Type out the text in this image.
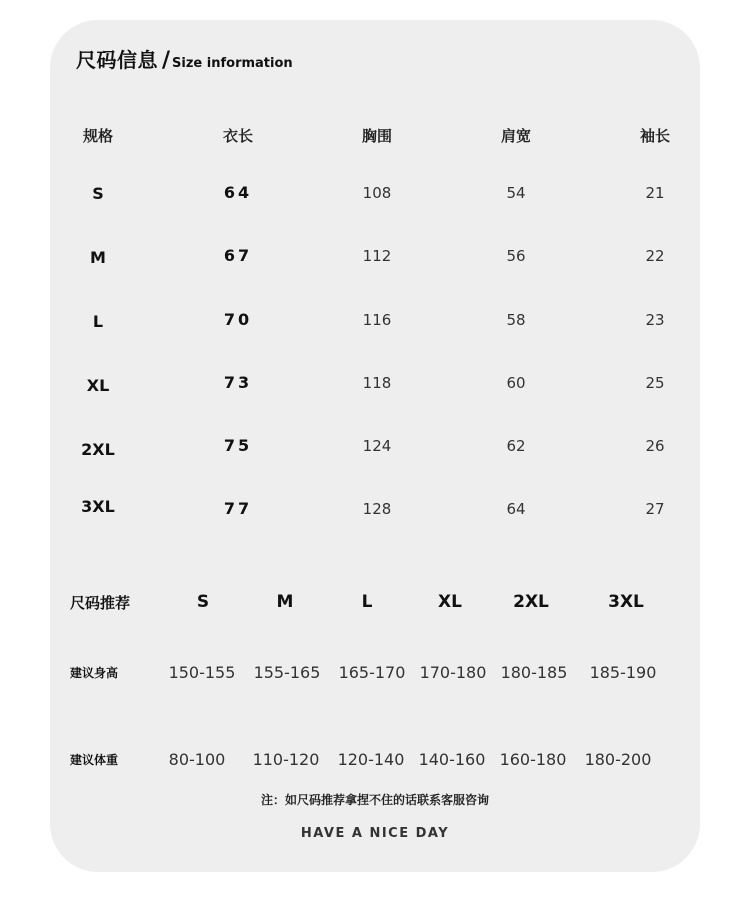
尺码信息 / Size information
规格	衣长	胸围	肩宽	袖长
S	64	108	54	21
M	67	112	56	22
L	70	116	58	23
XL	73	118	60	25
2XL	75	124	62	26
3XL	77	128	64	27
尺码推荐	S	M	L	XL	2XL	3XL
建议身高	150-155	155-165	165-170 170-180 180-185	185-190
建议体重	80-100	110-120	120-140 140-160 160-180	180-200
注：如尺码推荐拿捏不住的话联系客服咨询
HAVE A NICE DAY
